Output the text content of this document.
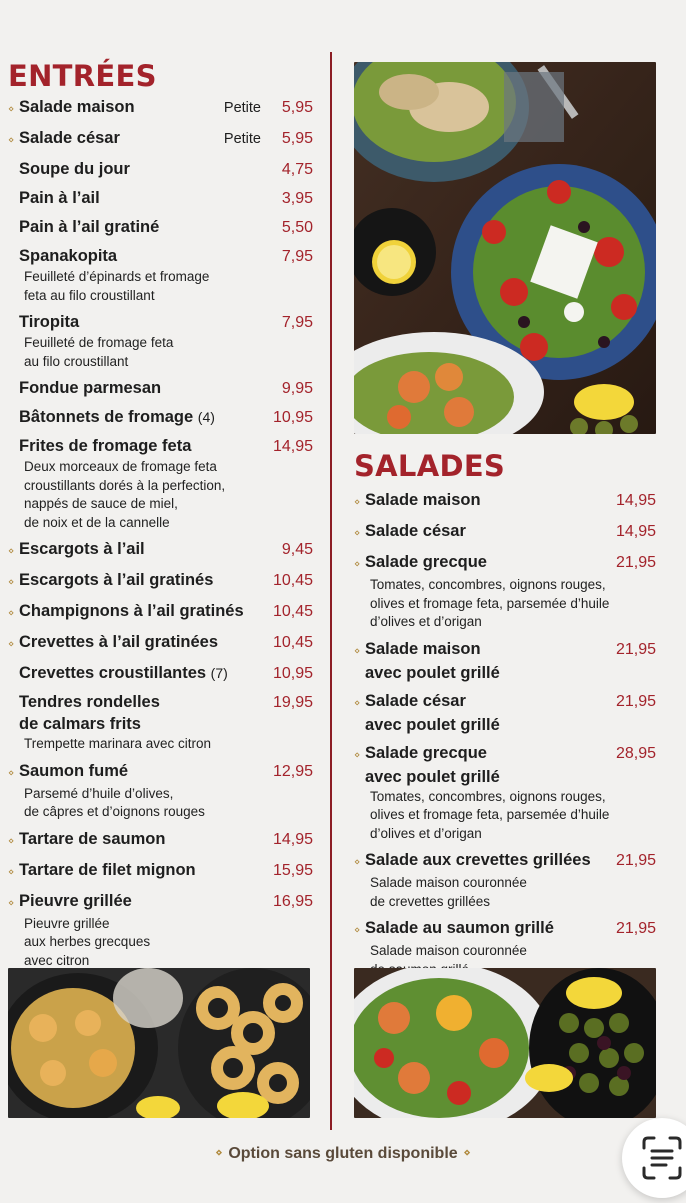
ENTRÉES
⋄ Salade maison	Petite	5,95
⋄ Salade césar	Petite	5,95
Soupe du jour	4,75
Pain à l’ail	3,95
Pain à l’ail gratiné	5,50
Spanakopita	7,95
Feuilleté d’épinards et fromage
feta au filo croustillant
Tiropita	7,95
Feuilleté de fromage feta
au filo croustillant
Fondue parmesan	9,95
Bâtonnets de fromage (4)	10,95
Frites de fromage feta	14,95
Deux morceaux de fromage feta
croustillants dorés à la perfection,
nappés de sauce de miel,
de noix et de la cannelle
⋄ Escargots à l’ail	9,45
⋄ Escargots à l’ail gratinés	10,45
⋄ Champignons à l’ail gratinés	10,45
⋄ Crevettes à l’ail gratinées	10,45
Crevettes croustillantes (7)	10,95
Tendres rondelles	19,95
de calmars frits
Trempette marinara avec citron
⋄ Saumon fumé	12,95
Parsemé d’huile d’olives,
de câpres et d’oignons rouges
⋄ Tartare de saumon	14,95
⋄ Tartare de filet mignon	15,95
⋄ Pieuvre grillée	16,95
Pieuvre grillée
aux herbes grecques
avec citron
SALADES
⋄ Salade maison	14,95
⋄ Salade césar	14,95
⋄ Salade grecque	21,95
Tomates, concombres, oignons rouges,
olives et fromage feta, parsemée d’huile
d’olives et d’origan
⋄ Salade maison	21,95
avec poulet grillé
⋄ Salade césar	21,95
avec poulet grillé
⋄ Salade grecque	28,95
avec poulet grillé
Tomates, concombres, oignons rouges,
olives et fromage feta, parsemée d’huile
d’olives et d’origan
⋄ Salade aux crevettes grillées	21,95
Salade maison couronnée
de crevettes grillées
⋄ Salade au saumon grillé	21,95
Salade maison couronnée

⋄ Option sans gluten disponible ⋄
